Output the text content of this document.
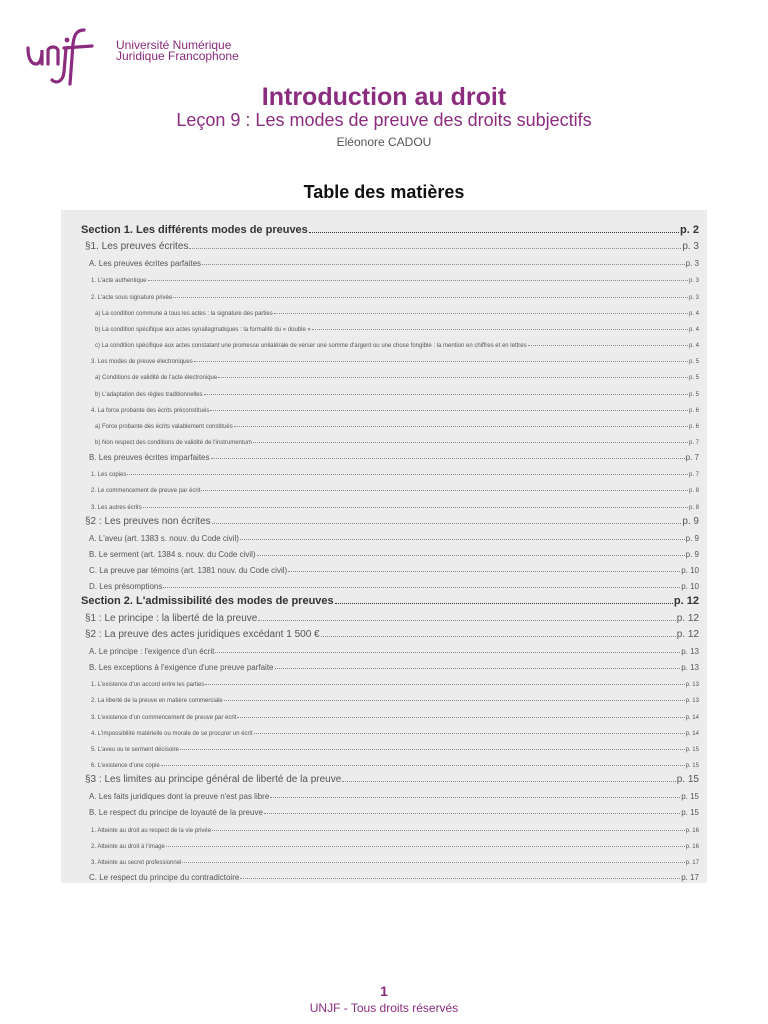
Université Numérique
Juridique Francophone
Introduction au droit
Leçon 9 : Les modes de preuve des droits subjectifs
Eléonore CADOU
Table des matières
Section 1. Les différents modes de preuves	p. 2
§1. Les preuves écrites	p. 3
A. Les preuves écrites parfaites	p. 3
1. L'acte authentique	p. 3
2. L'acte sous signature privée	p. 3
a) La condition commune à tous les actes : la signature des parties	p. 4
b) La condition spécifique aux actes synallagmatiques : la formalité du « double »	p. 4
c) La condition spécifique aux actes constatant une promesse unilatérale de verser une somme d'argent ou une chose fongible : la mention en chiffres et en lettres	p. 4
3. Les modes de preuve électroniques	p. 5
a) Conditions de validité de l'acte électronique	p. 5
b) L'adaptation des règles traditionnelles	p. 5
4. La force probante des écrits préconstitués	p. 6
a) Force probante des écrits valablement constitués	p. 6
b) Non respect des conditions de validité de l'instrumentum	p. 7
B. Les preuves écrites imparfaites	p. 7
1. Les copies	p. 7
2. Le commencement de preuve par écrit	p. 8
3. Les autres écrits	p. 8
§2 : Les preuves non écrites	p. 9
A. L'aveu (art. 1383 s. nouv. du Code civil)	p. 9
B. Le serment (art. 1384 s. nouv. du Code civil)	p. 9
C. La preuve par témoins (art. 1381 nouv. du Code civil)	p. 10
D. Les présomptions	p. 10
Section 2. L'admissibilité des modes de preuves	p. 12
§1 : Le principe : la liberté de la preuve	p. 12
§2 : La preuve des actes juridiques excédant 1 500 €	p. 12
A. Le principe : l'exigence d'un écrit	p. 13
B. Les exceptions à l'exigence d'une preuve parfaite	p. 13
1. L'existence d'un accord entre les parties	p. 13
2. La liberté de la preuve en matière commerciale	p. 13
3. L'existence d'un commencement de preuve par écrit	p. 14
4. L'impossibilité matérielle ou morale de se procurer un écrit	p. 14
5. L'aveu ou le serment décisoire	p. 15
6. L'existence d'une copie	p. 15
§3 : Les limites au principe général de liberté de la preuve	p. 15
A. Les faits juridiques dont la preuve n'est pas libre	p. 15
B. Le respect du principe de loyauté de la preuve	p. 15
1. Atteinte au droit au respect de la vie privée	p. 16
2. Atteinte au droit à l'image	p. 16
3. Atteinte au secret professionnel	p. 17
C. Le respect du principe du contradictoire	p. 17
1
UNJF - Tous droits réservés
